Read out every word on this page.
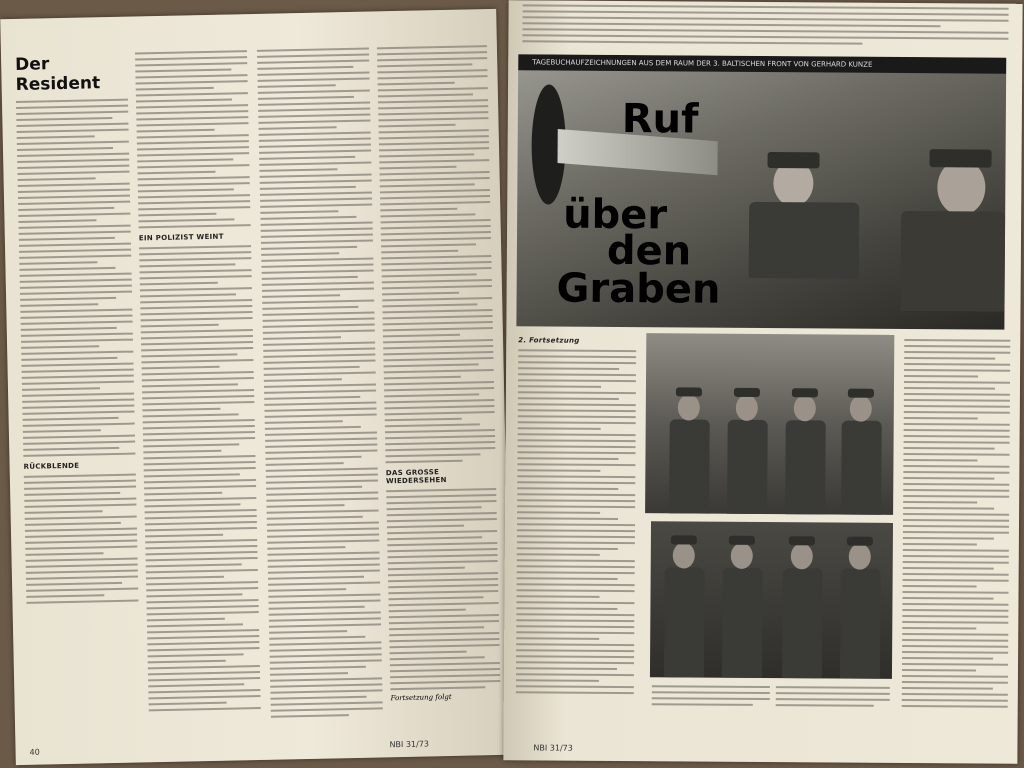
Der Resident
RÜCKBLENDE
EIN POLIZIST WEINT
DAS GROSSE WIEDERSEHEN
Fortsetzung folgt
40
NBI 31/73
TAGEBUCHAUFZEICHNUNGEN AUS DEM RAUM DER 3. BALTISCHEN FRONT VON GERHARD KUNZE
Ruf
über
den
Graben
2. Fortsetzung
NBI 31/73
